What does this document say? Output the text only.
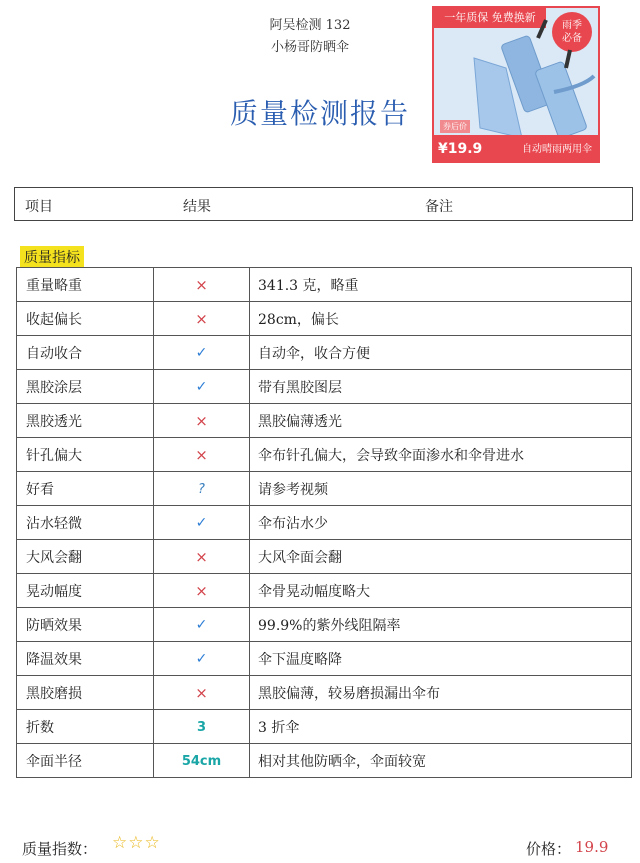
阿吴检测 132
小杨哥防晒伞
质量检测报告
一年质保 免费换新
雨季
必备
券后价
¥19.9	自动晴雨两用伞
项目	结果	备注
质量指标
重量略重	×	341.3 克，略重
收起偏长	×	28cm，偏长
自动收合	✓	自动伞，收合方便
黑胶涂层	✓	带有黑胶图层
黑胶透光	×	黑胶偏薄透光
针孔偏大	×	伞布针孔偏大，会导致伞面渗水和伞骨进水
好看	?	请参考视频
沾水轻微	✓	伞布沾水少
大风会翻	×	大风伞面会翻
晃动幅度	×	伞骨晃动幅度略大
防晒效果	✓	99.9%的紫外线阻隔率
降温效果	✓	伞下温度略降
黑胶磨损	×	黑胶偏薄，较易磨损漏出伞布
折数	3	3 折伞
伞面半径	54cm	相对其他防晒伞，伞面较宽
质量指数： ☆☆☆	价格： 19.9
